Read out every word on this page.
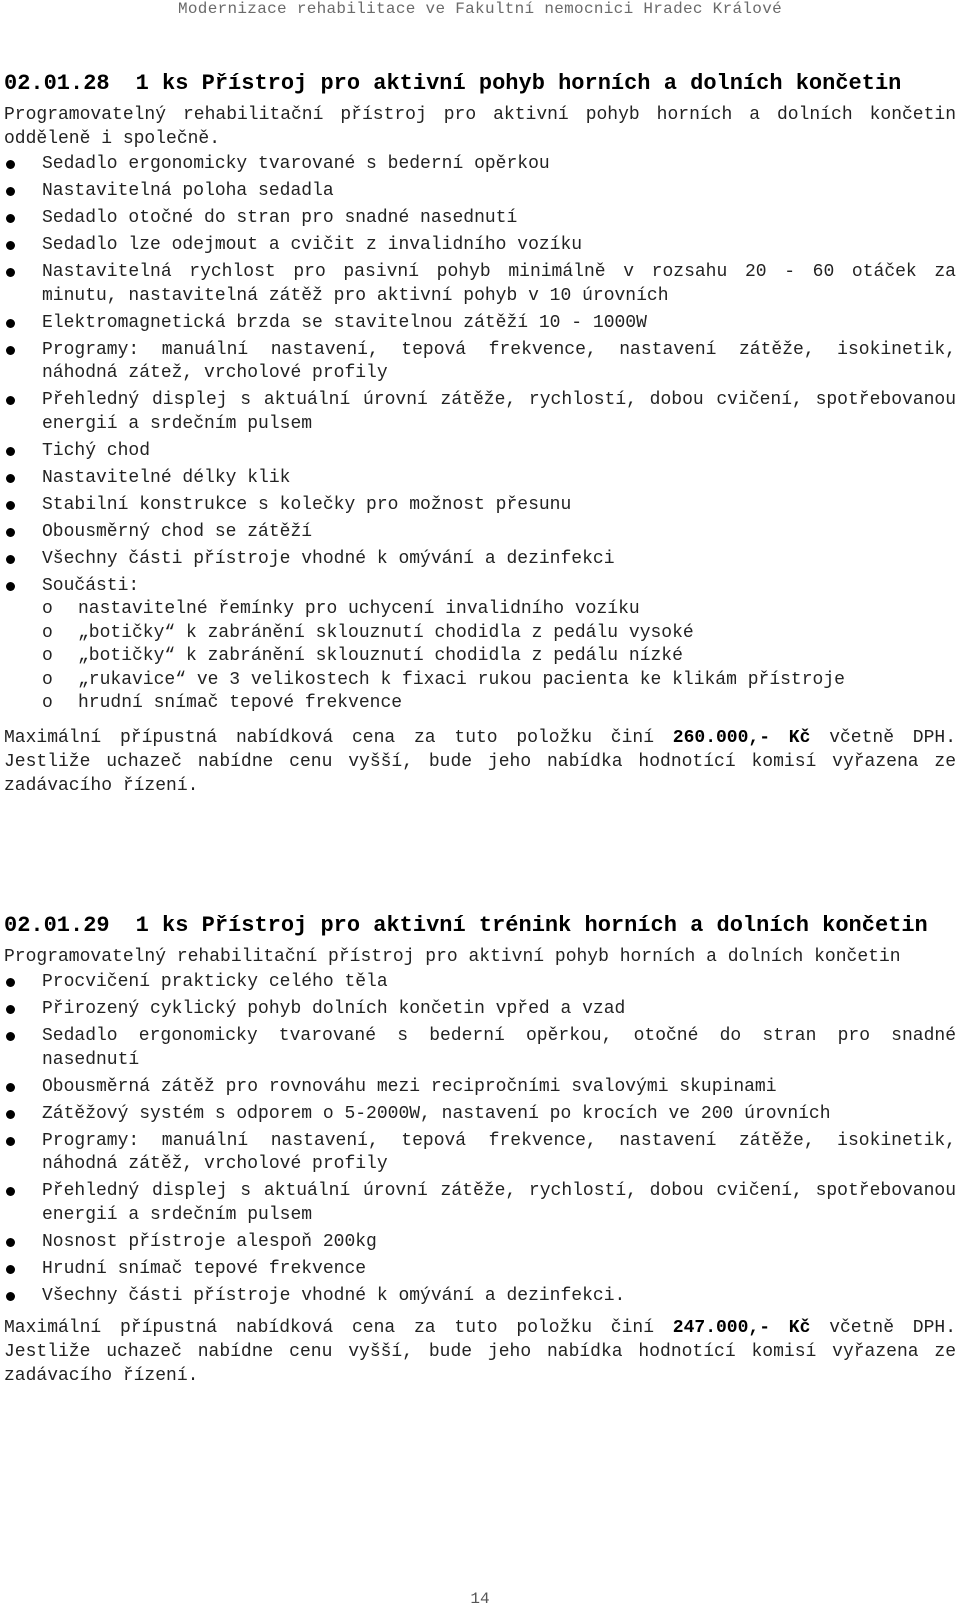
Modernizace rehabilitace ve Fakultní nemocnici Hradec Králové
02.01.28 1 ks Přístroj pro aktivní pohyb horních a dolních končetin
Programovatelný rehabilitační přístroj pro aktivní pohyb horních a dolních končetin odděleně i společně.
Sedadlo ergonomicky tvarované s bederní opěrkou
Nastavitelná poloha sedadla
Sedadlo otočné do stran pro snadné nasednutí
Sedadlo lze odejmout a cvičit z invalidního vozíku
Nastavitelná rychlost pro pasivní pohyb minimálně v rozsahu 20 - 60 otáček za minutu, nastavitelná zátěž pro aktivní pohyb v 10 úrovních
Elektromagnetická brzda se stavitelnou zátěží 10 - 1000W
Programy: manuální nastavení, tepová frekvence, nastavení zátěže, isokinetik, náhodná zátež, vrcholové profily
Přehledný displej s aktuální úrovní zátěže, rychlostí, dobou cvičení, spotřebovanou energií a srdečním pulsem
Tichý chod
Nastavitelné délky klik
Stabilní konstrukce s kolečky pro možnost přesunu
Obousměrný chod se zátěží
Všechny části přístroje vhodné k omývání a dezinfekci
Součásti:
o nastavitelné řemínky pro uchycení invalidního vozíku
o „botičky“ k zabránění sklouznutí chodidla z pedálu vysoké
o „botičky“ k zabránění sklouznutí chodidla z pedálu nízké
o „rukavice“ ve 3 velikostech k fixaci rukou pacienta ke klikám přístroje
o hrudní snímač tepové frekvence
Maximální přípustná nabídková cena za tuto položku činí 260.000,- Kč včetně DPH. Jestliže uchazeč nabídne cenu vyšší, bude jeho nabídka hodnotící komisí vyřazena ze zadávacího řízení.
02.01.29 1 ks Přístroj pro aktivní trénink horních a dolních končetin
Programovatelný rehabilitační přístroj pro aktivní pohyb horních a dolních končetin
Procvičení prakticky celého těla
Přirozený cyklický pohyb dolních končetin vpřed a vzad
Sedadlo ergonomicky tvarované s bederní opěrkou, otočné do stran pro snadné nasednutí
Obousměrná zátěž pro rovnováhu mezi recipročními svalovými skupinami
Zátěžový systém s odporem o 5-2000W, nastavení po krocích ve 200 úrovních
Programy: manuální nastavení, tepová frekvence, nastavení zátěže, isokinetik, náhodná zátěž, vrcholové profily
Přehledný displej s aktuální úrovní zátěže, rychlostí, dobou cvičení, spotřebovanou energií a srdečním pulsem
Nosnost přístroje alespoň 200kg
Hrudní snímač tepové frekvence
Všechny části přístroje vhodné k omývání a dezinfekci.
Maximální přípustná nabídková cena za tuto položku činí 247.000,- Kč včetně DPH. Jestliže uchazeč nabídne cenu vyšší, bude jeho nabídka hodnotící komisí vyřazena ze zadávacího řízení.
14
